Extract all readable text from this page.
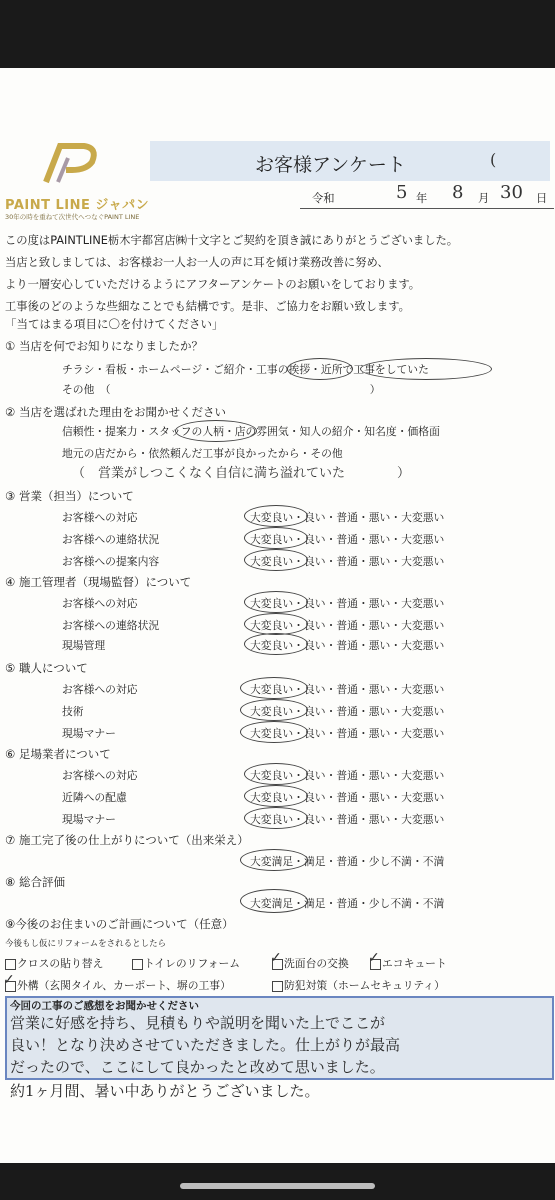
PAINT LINE ジャパン
30年の時を重ねて次世代へつなぐPAINT LINE
お客様アンケート	(
令和	5 年 8 月 30 日
この度はPAINTLINE栃木宇都宮店㈱十文字とご契約を頂き誠にありがとうございました。
当店と致しましては、お客様お一人お一人の声に耳を傾け業務改善に努め、
より一層安心していただけるようにアフターアンケートのお願いをしております。
工事後のどのような些細なことでも結構です。是非、ご協力をお願い致します。
「当てはまる項目に〇を付けてください」
① 当店を何でお知りになりましたか？
チラシ・看板・ホームページ・ご紹介・工事の挨拶・近所で工事をしていた
その他　（　　　　　　　　　　　　　　　　　　　　　　　　）
② 当店を選ばれた理由をお聞かせください
信頼性・提案力・スタッフの人柄・店の雰囲気・知人の紹介・知名度・価格面
地元の店だから・依然頼んだ工事が良かったから・その他
（　営業がしつこくなく自信に満ち溢れていた　　　　）
③ 営業（担当）について
お客様への対応	大変良い・良い・普通・悪い・大変悪い
お客様への連絡状況	大変良い・良い・普通・悪い・大変悪い
お客様への提案内容	大変良い・良い・普通・悪い・大変悪い
④ 施工管理者（現場監督）について
お客様への対応	大変良い・良い・普通・悪い・大変悪い
お客様への連絡状況	大変良い・良い・普通・悪い・大変悪い
現場管理	大変良い・良い・普通・悪い・大変悪い
⑤ 職人について
お客様への対応	大変良い・良い・普通・悪い・大変悪い
技術	大変良い・良い・普通・悪い・大変悪い
現場マナー	大変良い・良い・普通・悪い・大変悪い
⑥ 足場業者について
お客様への対応	大変良い・良い・普通・悪い・大変悪い
近隣への配慮	大変良い・良い・普通・悪い・大変悪い
現場マナー	大変良い・良い・普通・悪い・大変悪い
⑦ 施工完了後の仕上がりについて（出来栄え）
大変満足・満足・普通・少し不満・不満
⑧ 総合評価
大変満足・満足・普通・少し不満・不満
⑨今後のお住まいのご計画について（任意）
今後もし仮にリフォームをされるとしたら
クロスの貼り替え	トイレのリフォーム ✓ 洗面台の交換 ✓ エコキュート
✓ 外構（玄関タイル、カーポート、塀の工事）	防犯対策（ホームセキュリティ）
今回の工事のご感想をお聞かせください
営業に好感を持ち、見積もりや説明を聞いた上でここが
良い！となり決めさせていただきました。仕上がりが最高
だったので、ここにして良かったと改めて思いました。
約1ヶ月間、暑い中ありがとうございました。
